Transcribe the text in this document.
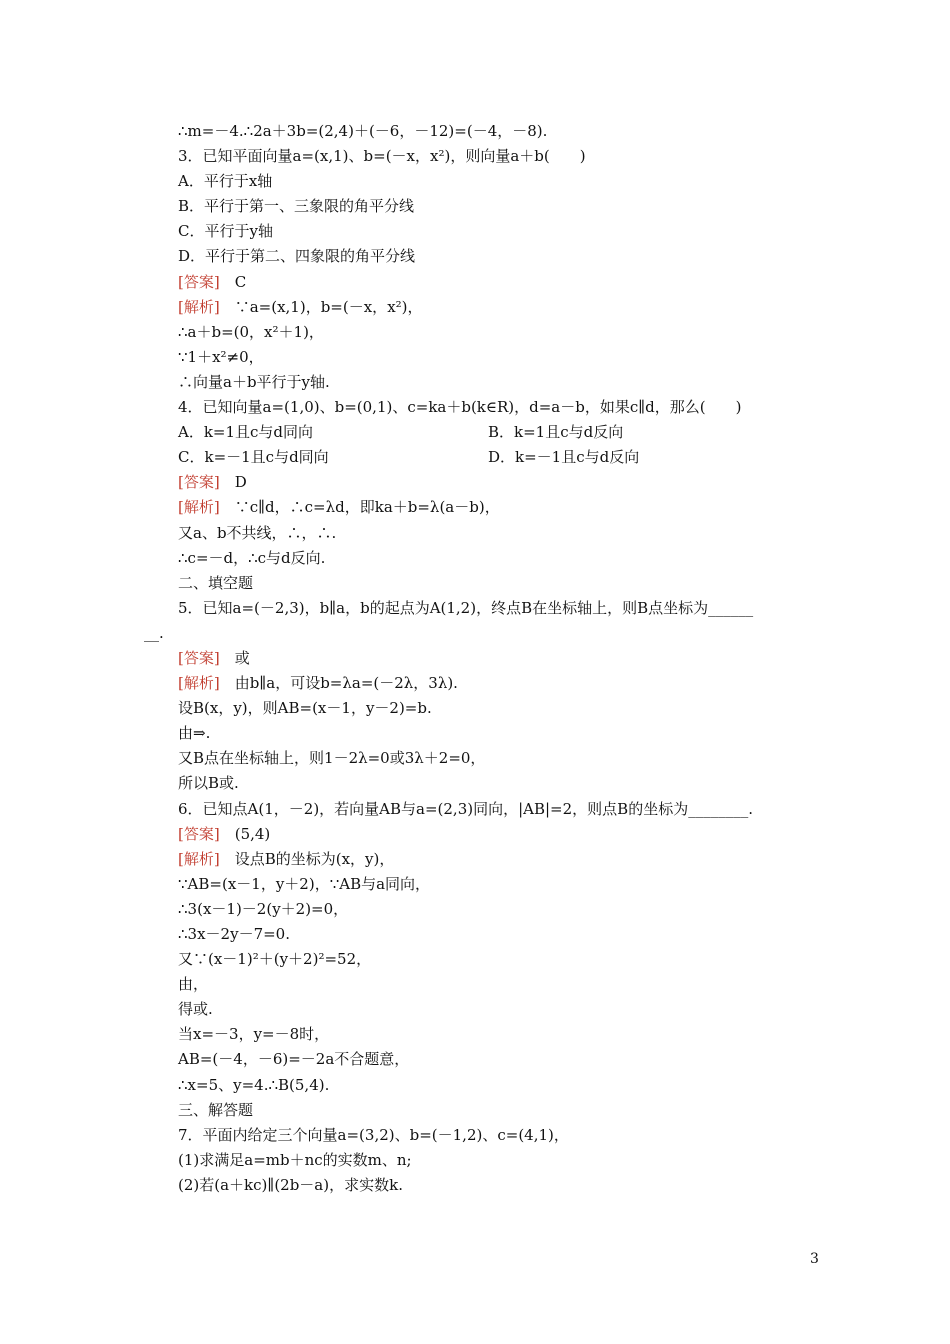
∴m=－4.∴2a＋3b=(2,4)＋(－6，－12)=(－4，－8).
3．已知平面向量a=(x,1)、b=(－x，x²)，则向量a＋b(　　)
A．平行于x轴
B．平行于第一、三象限的角平分线
C．平行于y轴
D．平行于第二、四象限的角平分线
[答案]　C
[解析]　∵a=(x,1)，b=(－x，x²)，
∴a＋b=(0，x²＋1)，
∵1＋x²≠0，
∴向量a＋b平行于y轴.
4．已知向量a=(1,0)、b=(0,1)、c=ka＋b(k∈R)，d=a－b，如果c∥d，那么(　　)
A．k=1且c与d同向	B．k=1且c与d反向
C．k=－1且c与d同向	D．k=－1且c与d反向
[答案]　D
[解析]　∵c∥d，∴c=λd，即ka＋b=λ(a－b)，
又a、b不共线，∴，∴.
∴c=－d，∴c与d反向.
二、填空题
5．已知a=(－2,3)，b∥a，b的起点为A(1,2)，终点B在坐标轴上，则B点坐标为______
__.
[答案]　或
[解析]　由b∥a，可设b=λa=(－2λ，3λ).
设B(x，y)，则AB=(x－1，y－2)=b.
由⇒.
又B点在坐标轴上，则1－2λ=0或3λ＋2=0，
所以B或.
6．已知点A(1，－2)，若向量AB与a=(2,3)同向，|AB|=2，则点B的坐标为________.
[答案]　(5,4)
[解析]　设点B的坐标为(x，y)，
∵AB=(x－1，y＋2)，∵AB与a同向，
∴3(x－1)－2(y＋2)=0，
∴3x－2y－7=0.
又∵(x－1)²＋(y＋2)²=52，
由，
得或.
当x=－3，y=－8时，
AB=(－4，－6)=－2a不合题意，
∴x=5、y=4.∴B(5,4).
三、解答题
7．平面内给定三个向量a=(3,2)、b=(－1,2)、c=(4,1)，
(1)求满足a=mb＋nc的实数m、n;
(2)若(a＋kc)∥(2b－a)，求实数k.
3
